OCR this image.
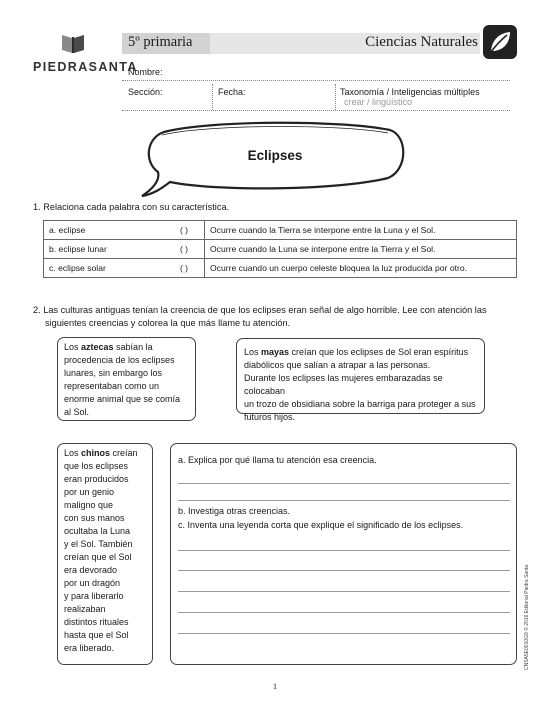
PIEDRASANTA
5º primaria	Ciencias Naturales
Nombre:
Sección:	Fecha:	Taxonomía / Inteligencias múltiples
crear / lingüístico
Eclipses
1. Relaciona cada palabra con su característica.
a. eclipse	( )	Ocurre cuando la Tierra se interpone entre la Luna y el Sol.
b. eclipse lunar	( )	Ocurre cuando la Luna se interpone entre la Tierra y el Sol.
c. eclipse solar	( )	Ocurre cuando un cuerpo celeste bloquea la luz producida por otro.
2. Las culturas antiguas tenían la creencia de que los eclipses eran señal de algo horrible. Lee con atención las
siguientes creencias y colorea la que más llame tu atención.
Los aztecas sabían la
procedencia de los eclipses
lunares, sin embargo los
representaban como un
enorme animal que se comía
al Sol.
Los mayas creían que los eclipses de Sol eran espíritus
diabólicos que salían a atrapar a las personas.
Durante los eclipses las mujeres embarazadas se colocaban
un trozo de obsidiana sobre la barriga para proteger a sus
futuros hijos.
Los chinos creían
que los eclipses
eran producidos
por un genio
maligno que
con sus manos
ocultaba la Luna
y el Sol. También
creían que el Sol
era devorado
por un dragón
y para liberarlo
realizaban
distintos rituales
hasta que el Sol
era liberado.
a. Explica por qué llama tu atención esa creencia.
b. Investiga otras creencias.
c. Inventa una leyenda corta que explique el significado de los eclipses.
CNSA5E0010G9 © 2016 Editorial Piedra Santa
1
